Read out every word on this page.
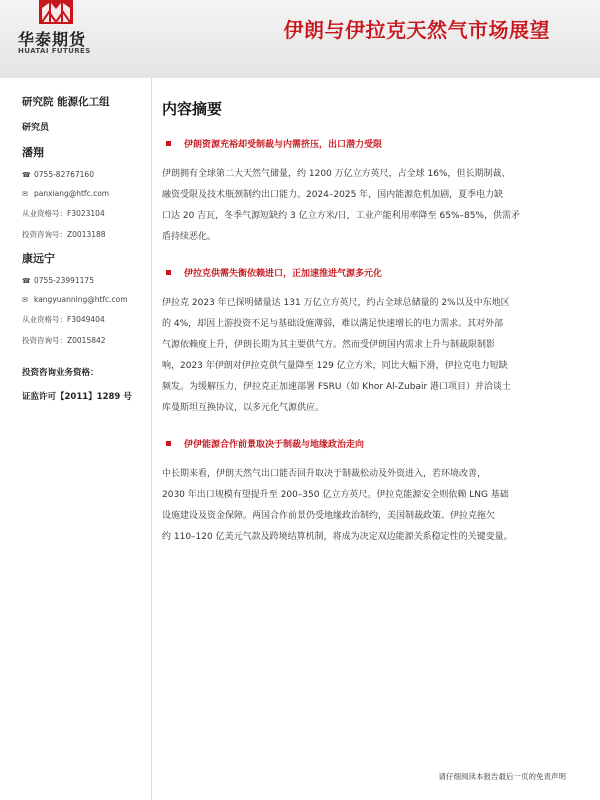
华泰期货
HUATAI FUTURES
伊朗与伊拉克天然气市场展望
研究院 能源化工组
研究员
潘翔
☎ 0755-82767160
✉ panxiang@htfc.com
从业资格号：F3023104
投资咨询号：Z0013188
康远宁
☎ 0755-23991175
✉ kangyuanning@htfc.com
从业资格号：F3049404
投资咨询号：Z0015842
投资咨询业务资格：
证监许可【2011】1289 号
内容摘要
伊朗资源充裕却受制裁与内需挤压，出口潜力受限
伊朗拥有全球第二大天然气储量，约 1200 万亿立方英尺，占全球 16%，但长期制裁、
融资受限及技术瓶颈制约出口能力。2024–2025 年，国内能源危机加剧，夏季电力缺
口达 20 吉瓦，冬季气源短缺约 3 亿立方米/日，工业产能利用率降至 65%–85%，供需矛
盾持续恶化。
伊拉克供需失衡依赖进口，正加速推进气源多元化
伊拉克 2023 年已探明储量达 131 万亿立方英尺，约占全球总储量的 2%以及中东地区
的 4%，却因上游投资不足与基础设施薄弱，难以满足快速增长的电力需求。其对外部
气源依赖度上升，伊朗长期为其主要供气方。然而受伊朗国内需求上升与制裁限制影
响，2023 年伊朗对伊拉克供气量降至 129 亿立方米，同比大幅下滑，伊拉克电力短缺
频发。为缓解压力，伊拉克正加速部署 FSRU（如 Khor Al-Zubair 港口项目）并洽谈土
库曼斯坦互换协议，以多元化气源供应。
伊伊能源合作前景取决于制裁与地缘政治走向
中长期来看，伊朗天然气出口能否回升取决于制裁松动及外资进入，若环境改善，
2030 年出口规模有望提升至 200–350 亿立方英尺。伊拉克能源安全则依赖 LNG 基础
设施建设及资金保障。两国合作前景仍受地缘政治制约，美国制裁政策、伊拉克拖欠
约 110–120 亿美元气款及跨境结算机制，将成为决定双边能源关系稳定性的关键变量。
请仔细阅读本报告最后一页的免责声明
